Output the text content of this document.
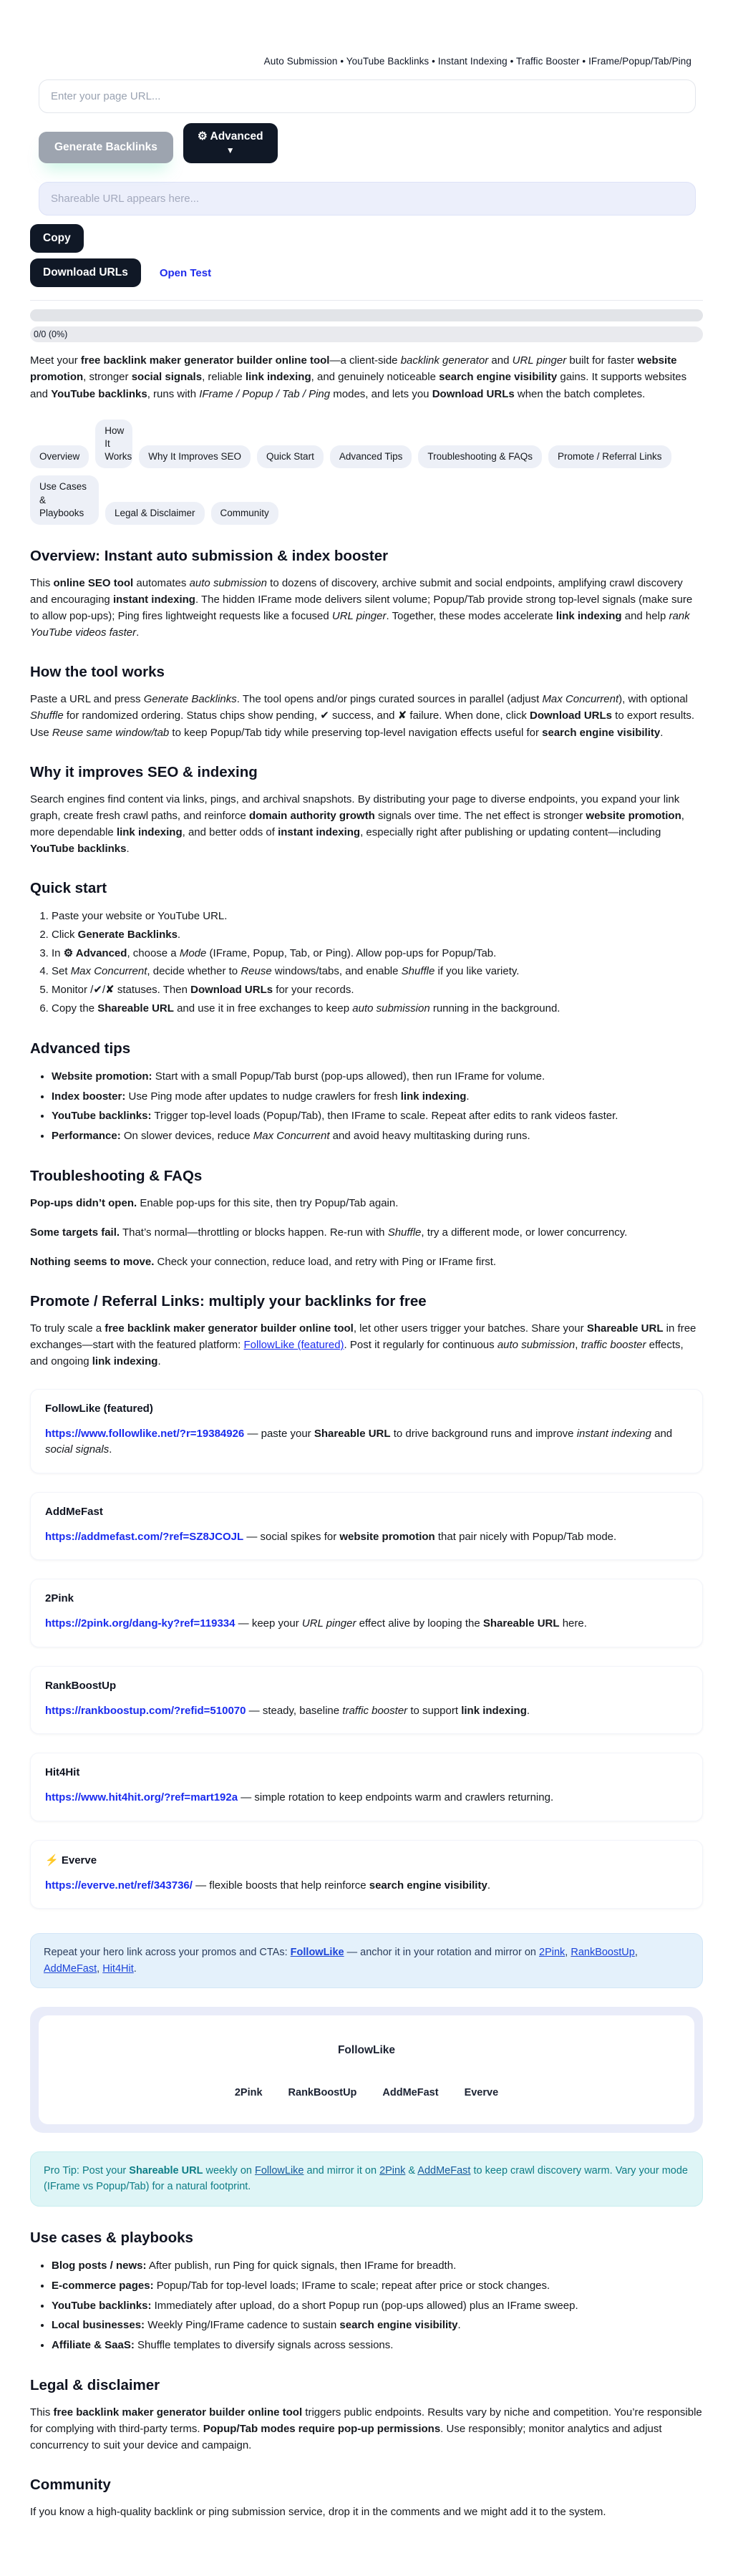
Auto Submission • YouTube Backlinks • Instant Indexing • Traffic Booster • IFrame/Popup/Tab/Ping
Enter your page URL...
Generate Backlinks
⚙ Advanced
▼
Shareable URL appears here...
Copy
Download URLs	Open Test
0/0 (0%)

Meet your free backlink maker generator builder online tool—a client-side backlink generator and URL pinger built for faster website promotion, stronger social signals, reliable link indexing, and genuinely noticeable search engine visibility gains. It supports websites and YouTube backlinks, runs with IFrame / Popup / Tab / Ping modes, and lets you Download URLs when the batch completes.

Overview
How It Works	Why It Improves SEO	Quick Start	Advanced Tips	Troubleshooting & FAQs	Promote / Referral Links
Use Cases & Playbooks	Legal & Disclaimer	Community
Overview: Instant auto submission & index booster

This online SEO tool automates auto submission to dozens of discovery, archive submit and social endpoints, amplifying crawl discovery and encouraging instant indexing. The hidden IFrame mode delivers silent volume; Popup/Tab provide strong top-level signals (make sure to allow pop-ups); Ping fires lightweight requests like a focused URL pinger. Together, these modes accelerate link indexing and help rank YouTube videos faster.

How the tool works

Paste a URL and press Generate Backlinks. The tool opens and/or pings curated sources in parallel (adjust Max Concurrent), with optional Shuffle for randomized ordering. Status chips show pending, ✔ success, and ✘ failure. When done, click Download URLs to export results. Use Reuse same window/tab to keep Popup/Tab tidy while preserving top-level navigation effects useful for search engine visibility.

Why it improves SEO & indexing

Search engines find content via links, pings, and archival snapshots. By distributing your page to diverse endpoints, you expand your link graph, create fresh crawl paths, and reinforce domain authority growth signals over time. The net effect is stronger website promotion, more dependable link indexing, and better odds of instant indexing, especially right after publishing or updating content—including YouTube backlinks.

Quick start
1. Paste your website or YouTube URL.
2. Click Generate Backlinks.
3. In ⚙ Advanced, choose a Mode (IFrame, Popup, Tab, or Ping). Allow pop-ups for Popup/Tab.
4. Set Max Concurrent, decide whether to Reuse windows/tabs, and enable Shuffle if you like variety.
5. Monitor /✔/✘ statuses. Then Download URLs for your records.
6. Copy the Shareable URL and use it in free exchanges to keep auto submission running in the background.
Advanced tips
• Website promotion: Start with a small Popup/Tab burst (pop-ups allowed), then run IFrame for volume.
• Index booster: Use Ping mode after updates to nudge crawlers for fresh link indexing.
• YouTube backlinks: Trigger top-level loads (Popup/Tab), then IFrame to scale. Repeat after edits to rank videos faster.
• Performance: On slower devices, reduce Max Concurrent and avoid heavy multitasking during runs.
Troubleshooting & FAQs

Pop-ups didn’t open. Enable pop-ups for this site, then try Popup/Tab again.

Some targets fail. That’s normal—throttling or blocks happen. Re-run with Shuffle, try a different mode, or lower concurrency.

Nothing seems to move. Check your connection, reduce load, and retry with Ping or IFrame first.

Promote / Referral Links: multiply your backlinks for free

To truly scale a free backlink maker generator builder online tool, let other users trigger your batches. Share your Shareable URL in free exchanges—start with the featured platform: FollowLike (featured). Post it regularly for continuous auto submission, traffic booster effects, and ongoing link indexing.

FollowLike (featured)

https://www.followlike.net/?r=19384926 — paste your Shareable URL to drive background runs and improve instant indexing and social signals.

AddMeFast

https://addmefast.com/?ref=SZ8JCOJL — social spikes for website promotion that pair nicely with Popup/Tab mode.

2Pink

https://2pink.org/dang-ky?ref=119334 — keep your URL pinger effect alive by looping the Shareable URL here.

RankBoostUp

https://rankboostup.com/?refid=510070 — steady, baseline traffic booster to support link indexing.

Hit4Hit

https://www.hit4hit.org/?ref=mart192a — simple rotation to keep endpoints warm and crawlers returning.

⚡ Everve

https://everve.net/ref/343736/ — flexible boosts that help reinforce search engine visibility.

Repeat your hero link across your promos and CTAs: FollowLike — anchor it in your rotation and mirror on 2Pink, RankBoostUp, AddMeFast, Hit4Hit.
FollowLike
2Pink RankBoostUp AddMeFast Everve
Pro Tip: Post your Shareable URL weekly on FollowLike and mirror it on 2Pink & AddMeFast to keep crawl discovery warm. Vary your mode (IFrame vs Popup/Tab) for a natural footprint.
Use cases & playbooks
• Blog posts / news: After publish, run Ping for quick signals, then IFrame for breadth.
• E-commerce pages: Popup/Tab for top-level loads; IFrame to scale; repeat after price or stock changes.
• YouTube backlinks: Immediately after upload, do a short Popup run (pop-ups allowed) plus an IFrame sweep.
• Local businesses: Weekly Ping/IFrame cadence to sustain search engine visibility.
• Affiliate & SaaS: Shuffle templates to diversify signals across sessions.
Legal & disclaimer

This free backlink maker generator builder online tool triggers public endpoints. Results vary by niche and competition. You’re responsible for complying with third-party terms. Popup/Tab modes require pop-up permissions. Use responsibly; monitor analytics and adjust concurrency to suit your device and campaign.

Community

If you know a high-quality backlink or ping submission service, drop it in the comments and we might add it to the system.
